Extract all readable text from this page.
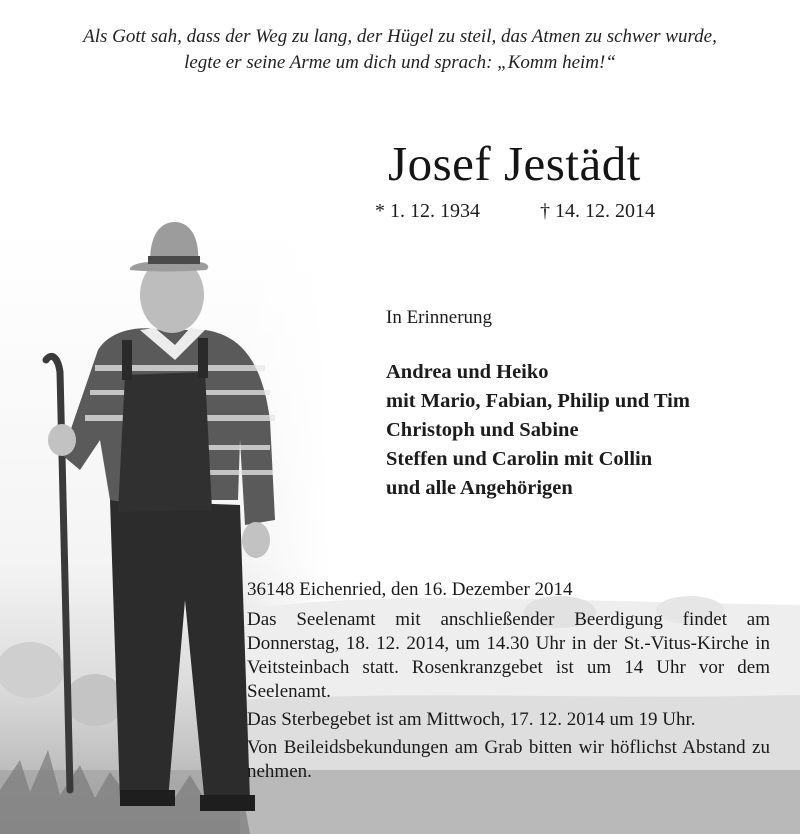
Als Gott sah, dass der Weg zu lang, der Hügel zu steil, das Atmen zu schwer wurde,
legte er seine Arme um dich und sprach: „Komm heim!“
Josef Jestädt
* 1. 12. 1934	† 14. 12. 2014
In Erinnerung
Andrea und Heiko
mit Mario, Fabian, Philip und Tim
Christoph und Sabine
Steffen und Carolin mit Collin
und alle Angehörigen

36148 Eichenried, den 16. Dezember 2014

Das Seelenamt mit anschließender Beerdigung findet am Donnerstag, 18. 12. 2014, um 14.30 Uhr in der St.-Vitus-Kirche in Veitsteinbach statt. Rosenkranzgebet ist um 14 Uhr vor dem Seelenamt.

Das Sterbegebet ist am Mittwoch, 17. 12. 2014 um 19 Uhr.

Von Beileidsbekundungen am Grab bitten wir höflichst Abstand zu nehmen.
